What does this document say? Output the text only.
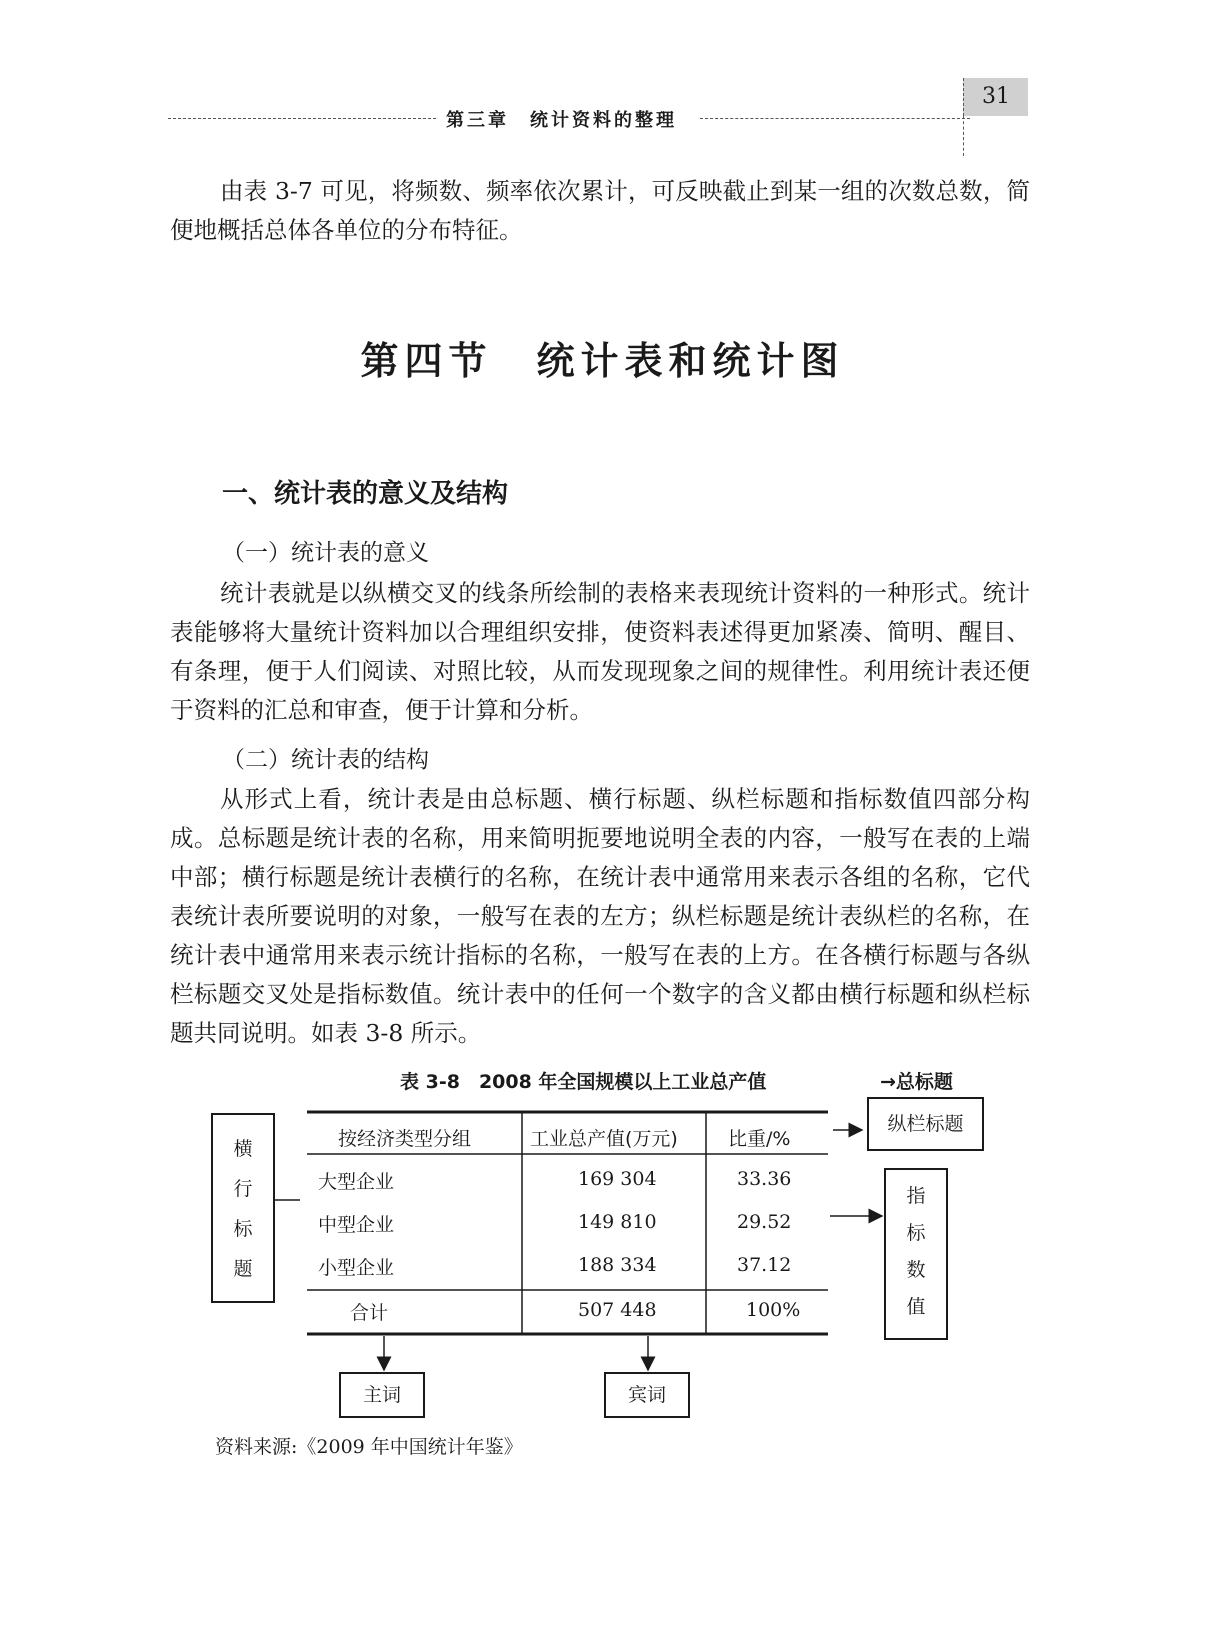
第三章　统计资料的整理
31

由表 3-7 可见，将频数、频率依次累计，可反映截止到某一组的次数总数，简便地概括总体各单位的分布特征。

第四节　统计表和统计图
一、统计表的意义及结构
（一）统计表的意义

统计表就是以纵横交叉的线条所绘制的表格来表现统计资料的一种形式。统计表能够将大量统计资料加以合理组织安排，使资料表述得更加紧凑、简明、醒目、有条理，便于人们阅读、对照比较，从而发现现象之间的规律性。利用统计表还便于资料的汇总和审查，便于计算和分析。

（二）统计表的结构

从形式上看，统计表是由总标题、横行标题、纵栏标题和指标数值四部分构成。总标题是统计表的名称，用来简明扼要地说明全表的内容，一般写在表的上端中部；横行标题是统计表横行的名称，在统计表中通常用来表示各组的名称，它代表统计表所要说明的对象，一般写在表的左方；纵栏标题是统计表纵栏的名称，在统计表中通常用来表示统计指标的名称，一般写在表的上方。在各横行标题与各纵栏标题交叉处是指标数值。统计表中的任何一个数字的含义都由横行标题和纵栏标题共同说明。如表 3-8 所示。

表 3-8　2008 年全国规模以上工业总产值	→总标题
横
行
标
题
纵栏标题
指
标
数
值
按经济类型分组	工业总产值(万元)	比重/%
大型企业	169 304	33.36
中型企业	149 810	29.52
小型企业	188 334	37.12
合计	507 448	100%
主词	宾词
资料来源:《2009 年中国统计年鉴》
